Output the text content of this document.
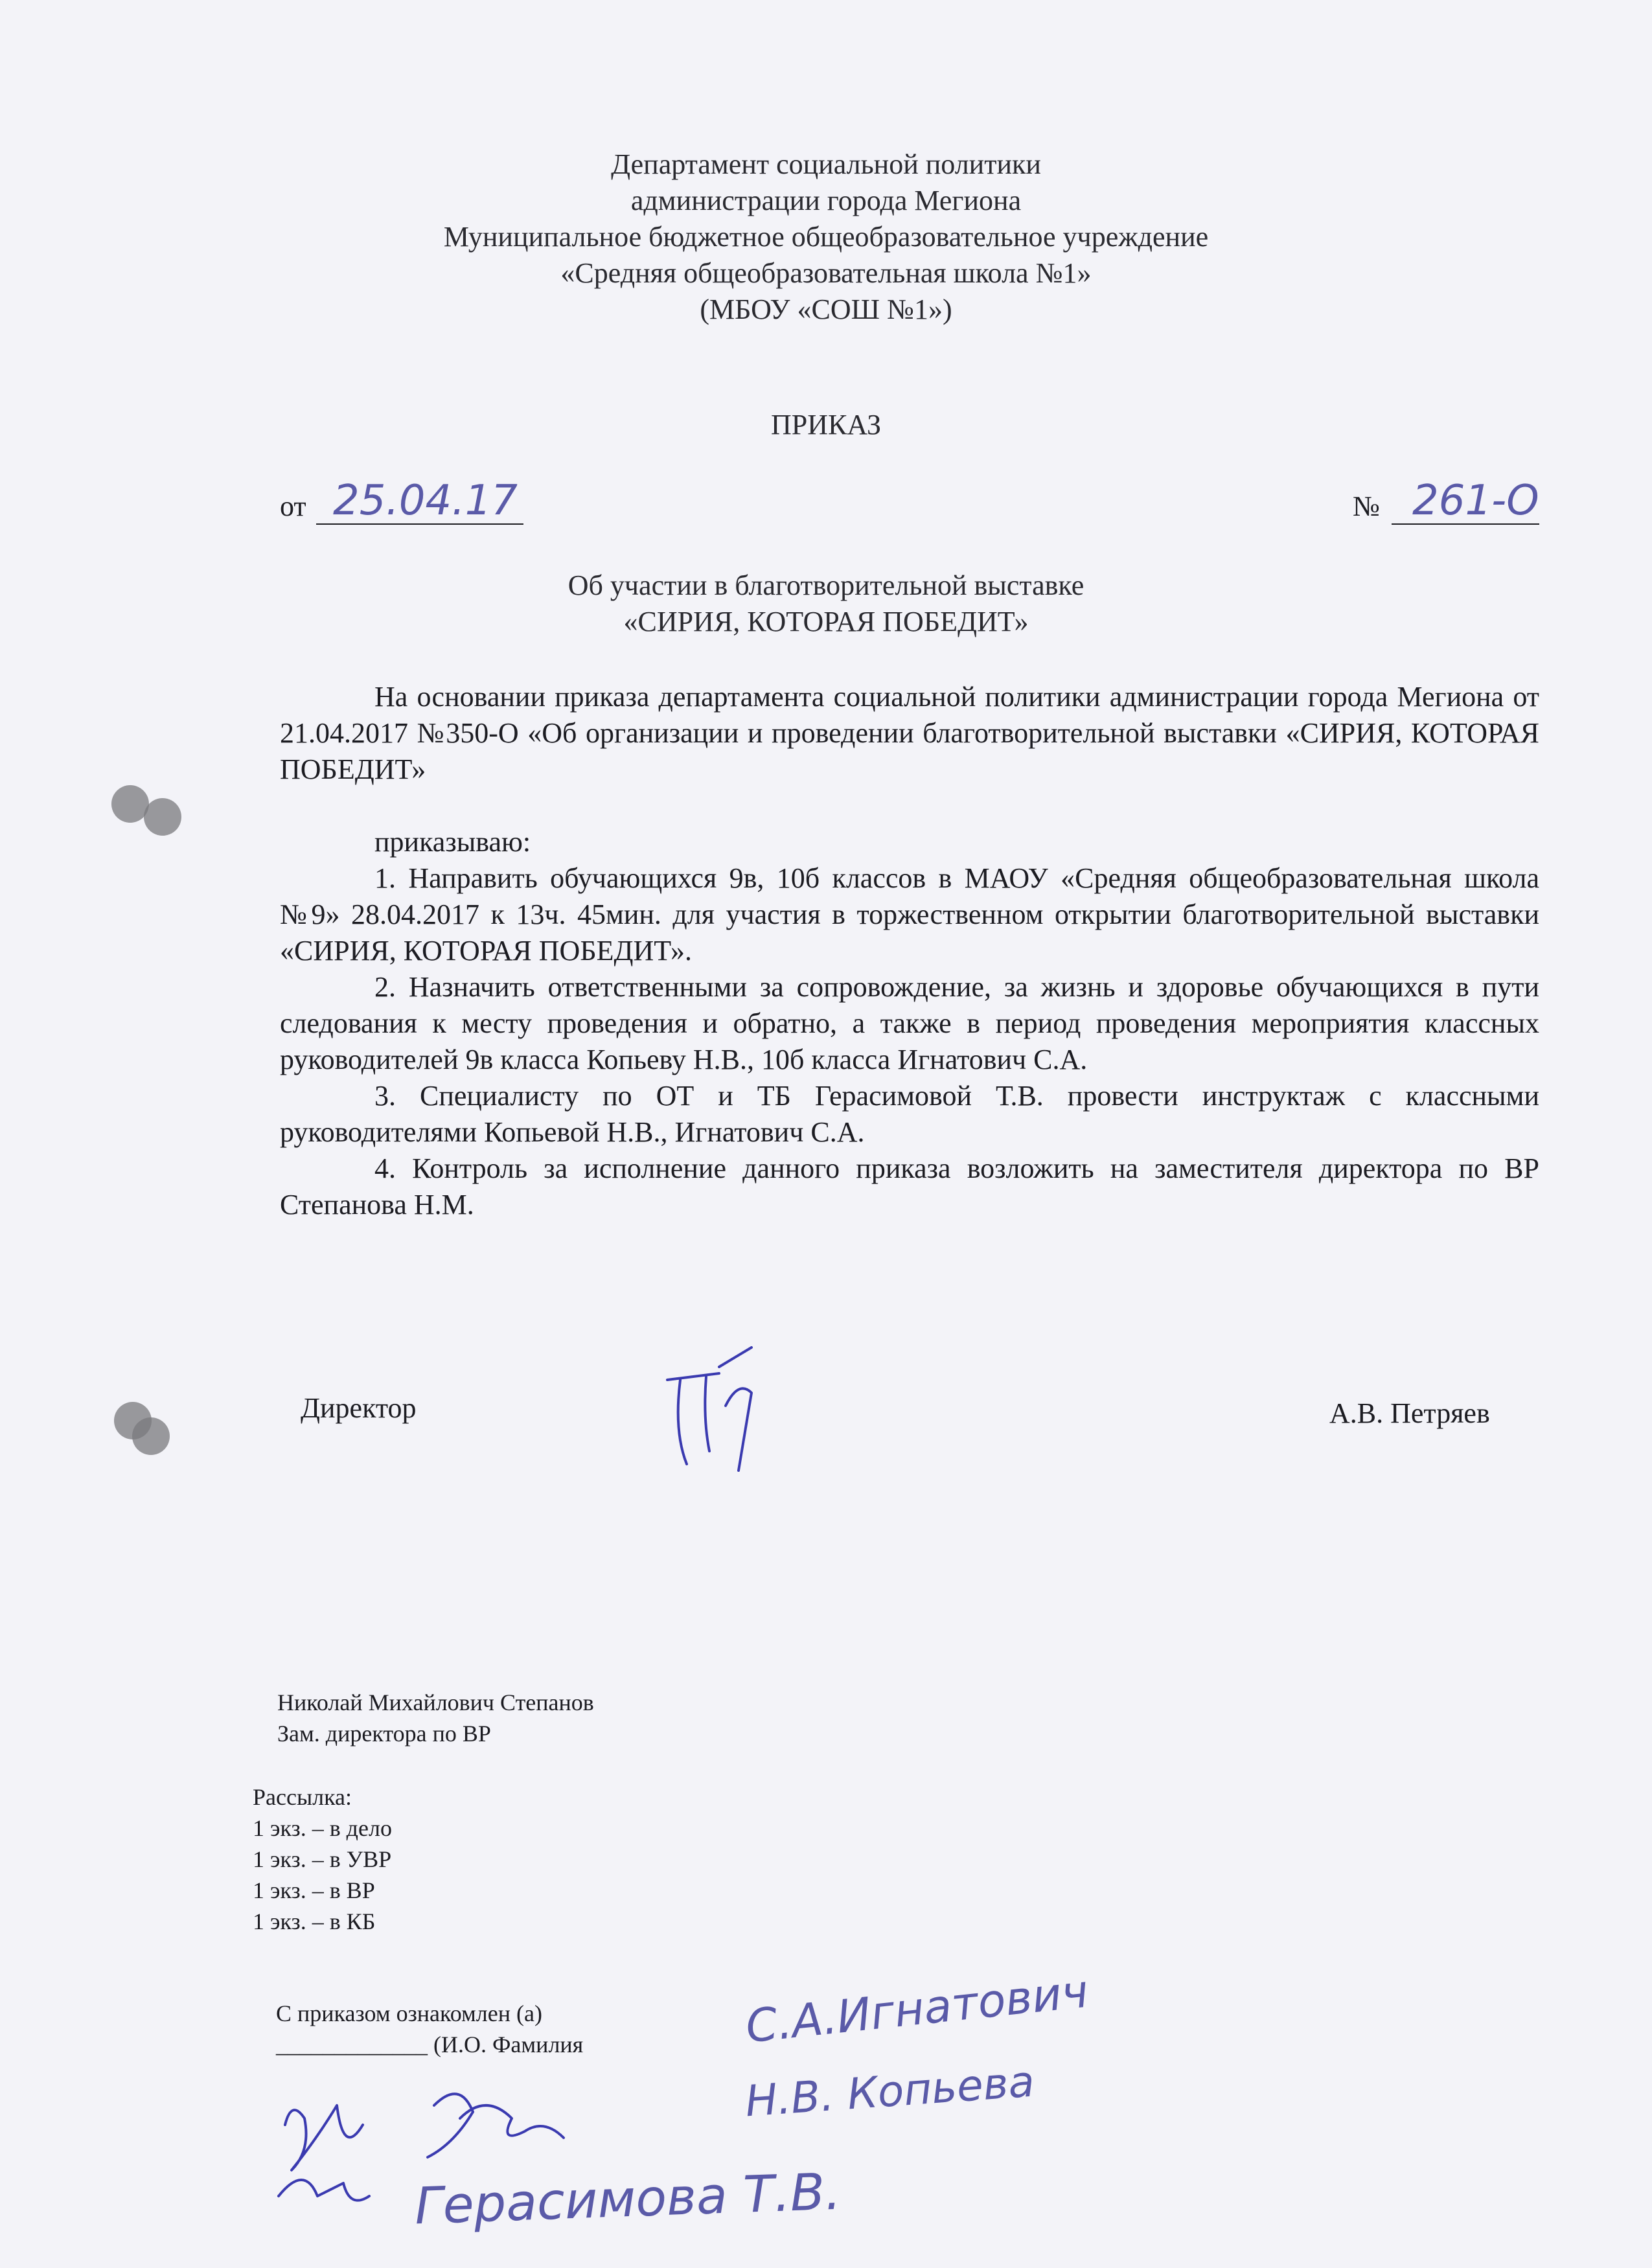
Департамент социальной политики
администрации города Мегиона
Муниципальное бюджетное общеобразовательное учреждение
«Средняя общеобразовательная школа №1»
(МБОУ «СОШ №1»)
ПРИКАЗ
от 25.04.17	№ 261-О
Об участии в благотворительной выставке
«СИРИЯ, КОТОРАЯ ПОБЕДИТ»

На основании приказа департамента социальной политики администрации города Мегиона от 21.04.2017 №350-О «Об организации и проведении благотворительной выставки «СИРИЯ, КОТОРАЯ ПОБЕДИТ»

приказываю:

1. Направить обучающихся 9в, 10б классов в МАОУ «Средняя общеобразовательная школа №9» 28.04.2017 к 13ч. 45мин. для участия в торжественном открытии благотворительной выставки «СИРИЯ, КОТОРАЯ ПОБЕДИТ».

2. Назначить ответственными за сопровождение, за жизнь и здоровье обучающихся в пути следования к месту проведения и обратно, а также в период проведения мероприятия классных руководителей 9в класса Копьеву Н.В., 10б класса Игнатович С.А.

3. Специалисту по ОТ и ТБ Герасимовой Т.В. провести инструктаж с классными руководителями Копьевой Н.В., Игнатович С.А.

4. Контроль за исполнение данного приказа возложить на заместителя директора по ВР Степанова Н.М.

Директор	А.В. Петряев
Николай Михайлович Степанов
Зам. директора по ВР
Рассылка:
1 экз. – в дело
1 экз. – в УВР
1 экз. – в ВР
1 экз. – в КБ
С приказом ознакомлен (а)
_____________ (И.О. Фамилия	С.А.Игнатович
Н.В. Копьева
Герасимова Т.В.
